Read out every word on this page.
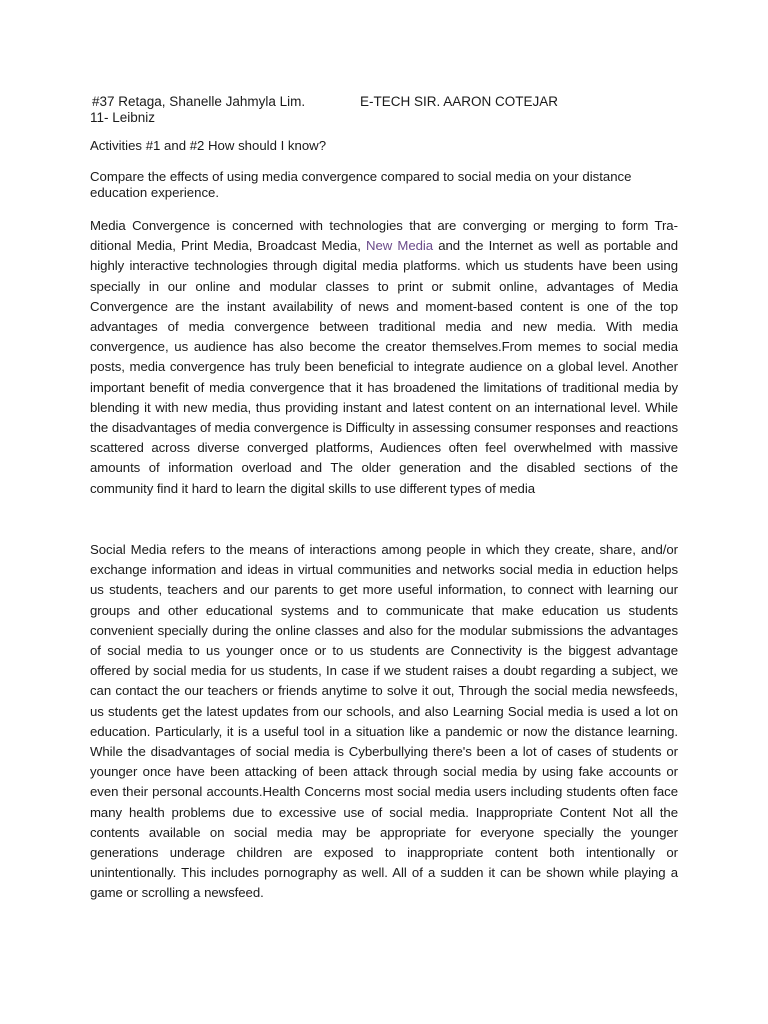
#37 Retaga, Shanelle Jahmyla Lim.	E-TECH SIR. AARON COTEJAR
11- Leibniz

Activities #1 and #2 How should I know?

Compare the effects of using media convergence compared to social media on your distance education experience.

Media Convergence is concerned with technologies that are converging or merging to form Traditional Media, Print Media, Broadcast Media, New Media and the Internet as well as portable and highly interactive technologies through digital media platforms. which us students have been using specially in our online and modular classes to print or submit online, advantages of Media Convergence are the instant availability of news and moment-based content is one of the top advantages of media convergence between traditional media and new media. With media convergence, us audience has also become the creator themselves.From memes to social media posts, media convergence has truly been beneficial to integrate audience on a global level. Another important benefit of media convergence that it has broadened the limitations of traditional media by blending it with new media, thus providing instant and latest content on an international level. While the disadvantages of media convergence is Difficulty in assessing consumer responses and reactions scattered across diverse converged platforms, Audiences often feel overwhelmed with massive amounts of information overload and The older generation and the disabled sections of the community find it hard to learn the digital skills to use different types of media

Social Media refers to the means of interactions among people in which they create, share, and/​or exchange information and ideas in virtual communities and networks social media in eduction helps us students, teachers and our parents to get more useful information, to connect with learning our groups and other educational systems and to communicate that make education us students convenient specially during the online classes and also for the modular submissions the advantages of social media to us younger once or to us students are Connectivity is the biggest advantage offered by social media for us students, In case if we student raises a doubt regarding a subject, we can contact the our teachers or friends anytime to solve it out, Through the social media newsfeeds, us students get the latest updates from our schools, and also Learning Social media is used a lot on education. Particularly, it is a useful tool in a situation like a pandemic or now the distance learning. While the disadvantages of social media is Cyberbullying there's been a lot of cases of students or younger once have been attacking of been attack through social media by using fake accounts or even their personal accounts.Health Concerns most social media users including students often face many health problems due to excessive use of social media. Inappropriate Content Not all the contents available on social media may be appropriate for everyone specially the younger generations underage children are exposed to inappropriate content both intentionally or unintentionally. This includes pornography as well. All of a sudden it can be shown while playing a game or scrolling a newsfeed.
